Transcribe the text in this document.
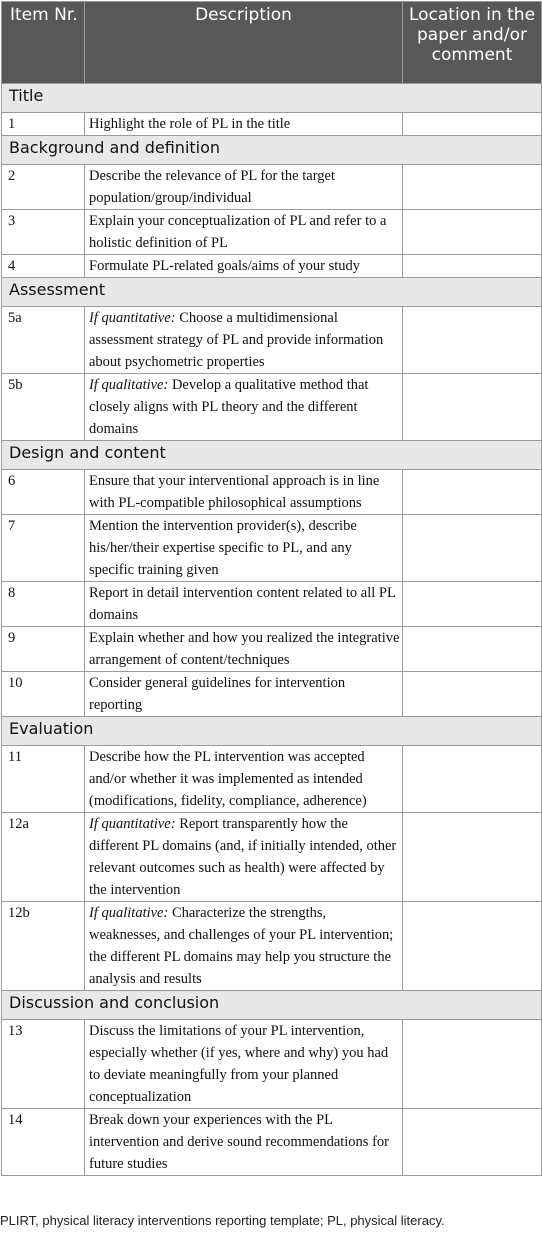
Item Nr.	Description	Location in the paper and/or comment
Title		
1	Highlight the role of PL in the title	
Background and definition		
2	Describe the relevance of PL for the target population/group/individual	
3	Explain your conceptualization of PL and refer to a holistic definition of PL	
4	Formulate PL-related goals/aims of your study	
Assessment		
5a	If quantitative: Choose a multidimensional assessment strategy of PL and provide information about psychometric properties	
5b	If qualitative: Develop a qualitative method that closely aligns with PL theory and the different domains	
Design and content		
6	Ensure that your interventional approach is in line with PL-compatible philosophical assumptions	
7	Mention the intervention provider(s), describe his/her/their expertise specific to PL, and any specific training given	
8	Report in detail intervention content related to all PL domains	
9	Explain whether and how you realized the integrative arrangement of content/techniques	
10	Consider general guidelines for intervention reporting	
Evaluation		
11	Describe how the PL intervention was accepted and/or whether it was implemented as intended (modifications, fidelity, compliance, adherence)	
12a	If quantitative: Report transparently how the different PL domains (and, if initially intended, other relevant outcomes such as health) were affected by the intervention	
12b	If qualitative: Characterize the strengths, weaknesses, and challenges of your PL intervention; the different PL domains may help you structure the analysis and results	
Discussion and conclusion		
13	Discuss the limitations of your PL intervention, especially whether (if yes, where and why) you had to deviate meaningfully from your planned conceptualization	
14	Break down your experiences with the PL intervention and derive sound recommendations for future studies	
PLIRT, physical literacy interventions reporting template; PL, physical literacy.
